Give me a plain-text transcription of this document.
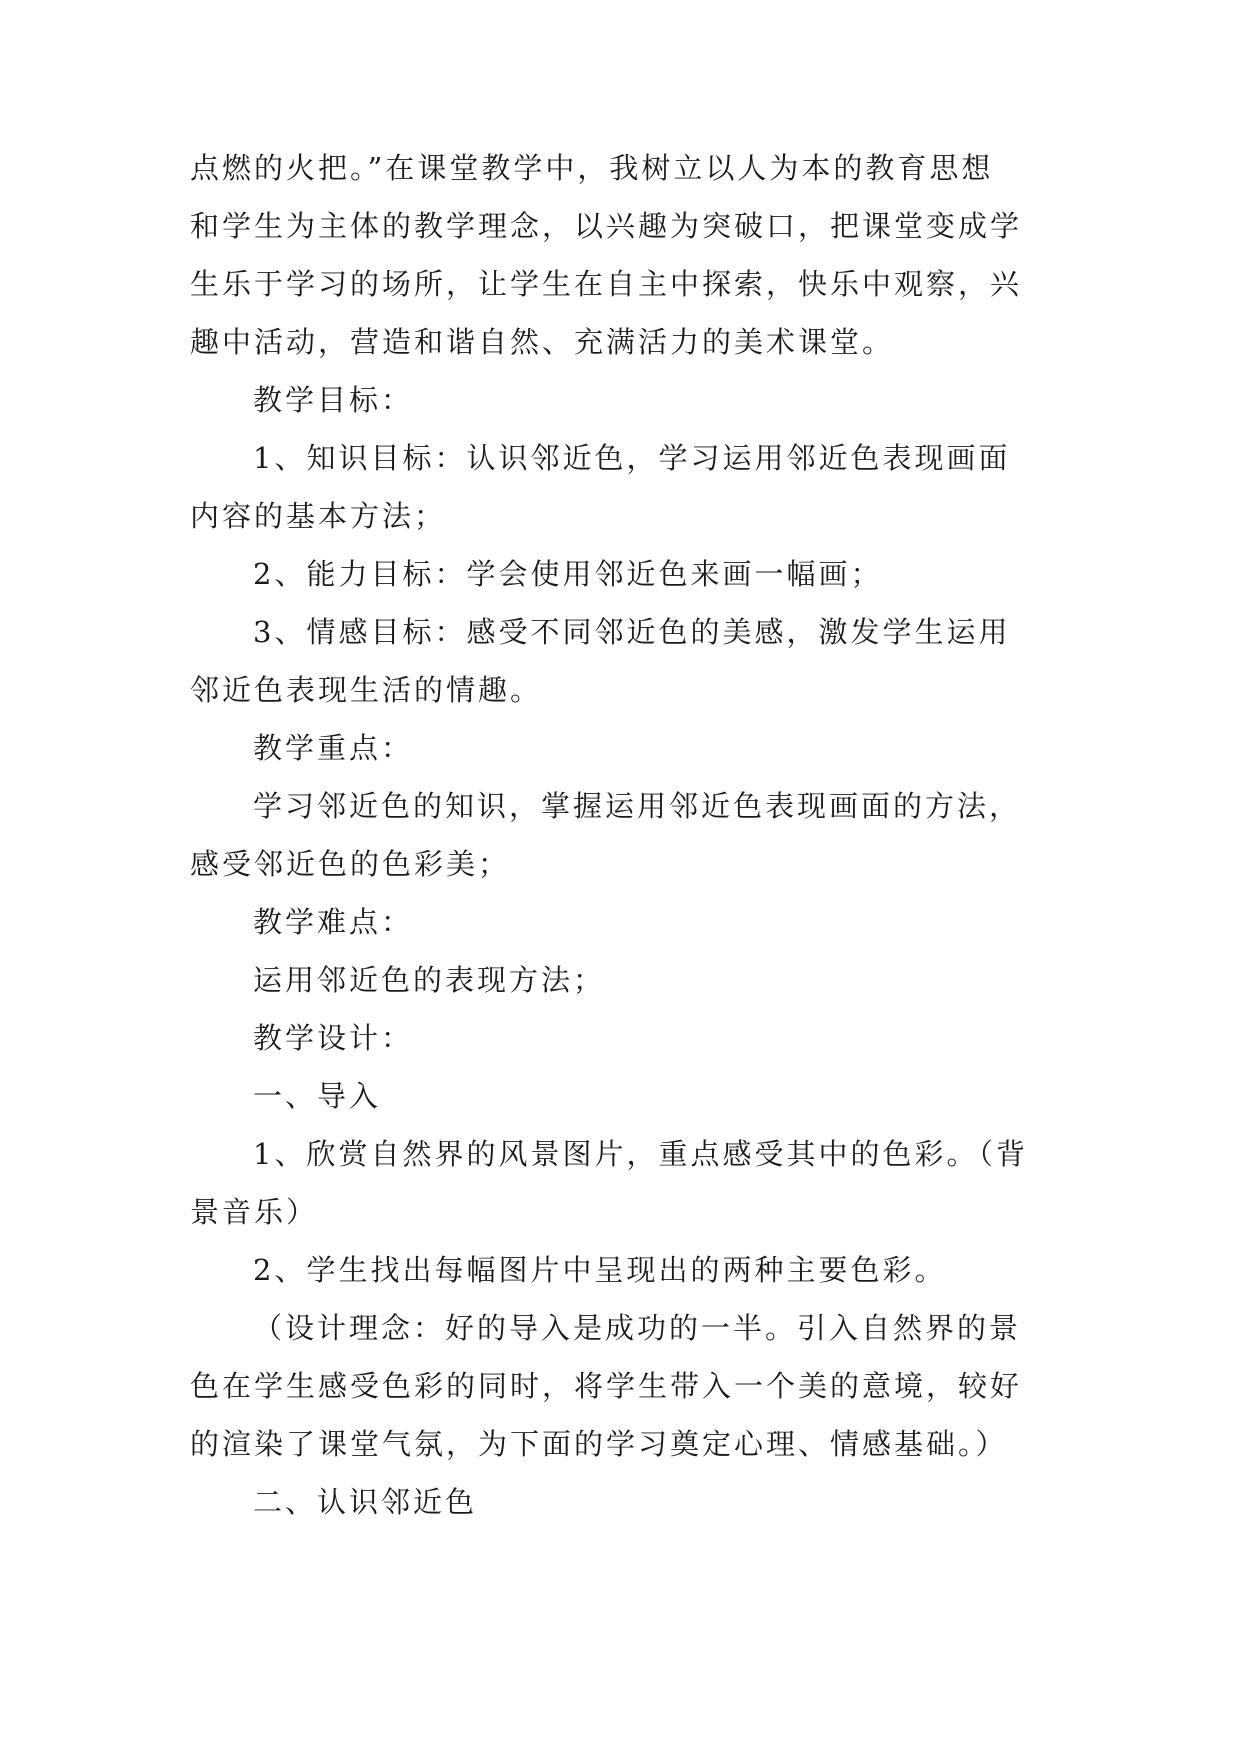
点燃的火把。”在课堂教学中，我树立以人为本的教育思想
和学生为主体的教学理念，以兴趣为突破口，把课堂变成学
生乐于学习的场所，让学生在自主中探索，快乐中观察，兴
趣中活动，营造和谐自然、充满活力的美术课堂。
教学目标：
1、知识目标：认识邻近色，学习运用邻近色表现画面
内容的基本方法；
2、能力目标：学会使用邻近色来画一幅画；
3、情感目标：感受不同邻近色的美感，激发学生运用
邻近色表现生活的情趣。
教学重点：
学习邻近色的知识，掌握运用邻近色表现画面的方法，
感受邻近色的色彩美；
教学难点：
运用邻近色的表现方法；
教学设计：
一、导入
1、欣赏自然界的风景图片，重点感受其中的色彩。（背
景音乐）
2、学生找出每幅图片中呈现出的两种主要色彩。
（设计理念：好的导入是成功的一半。引入自然界的景
色在学生感受色彩的同时，将学生带入一个美的意境，较好
的渲染了课堂气氛，为下面的学习奠定心理、情感基础。）
二、认识邻近色
